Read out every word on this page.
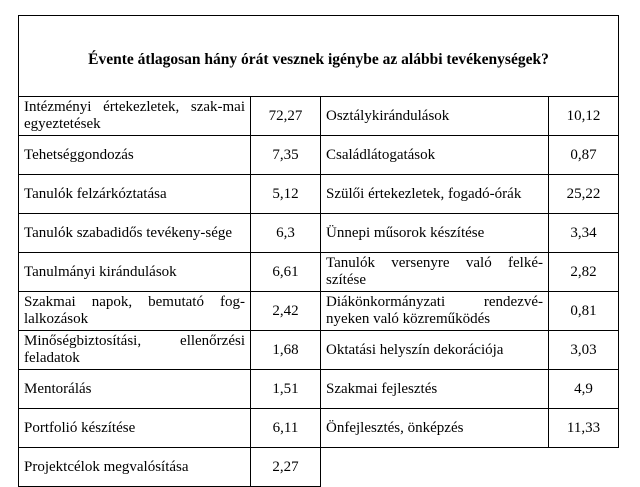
Évente átlagosan hány órát vesznek igénybe az alábbi tevékenységek?			
Intézményi értekezletek, szak-mai egyeztetések	72,27	Osztálykirándulások	10,12
Tehetséggondozás	7,35	Családlátogatások	0,87
Tanulók felzárkóztatása	5,12	Szülői értekezletek, fogadó-órák	25,22
Tanulók szabadidős tevékeny-sége	6,3	Ünnepi műsorok készítése	3,34
Tanulmányi kirándulások	6,61	Tanulók versenyre való felké-szítése	2,82
Szakmai napok, bemutató fog-lalkozások	2,42	Diákönkormányzati rendezvé-nyeken való közreműködés	0,81
Minőségbiztosítási, ellenőrzési feladatok	1,68	Oktatási helyszín dekorációja	3,03
Mentorálás	1,51	Szakmai fejlesztés	4,9
Portfolió készítése	6,11	Önfejlesztés, önképzés	11,33
Projektcélok megvalósítása	2,27		
